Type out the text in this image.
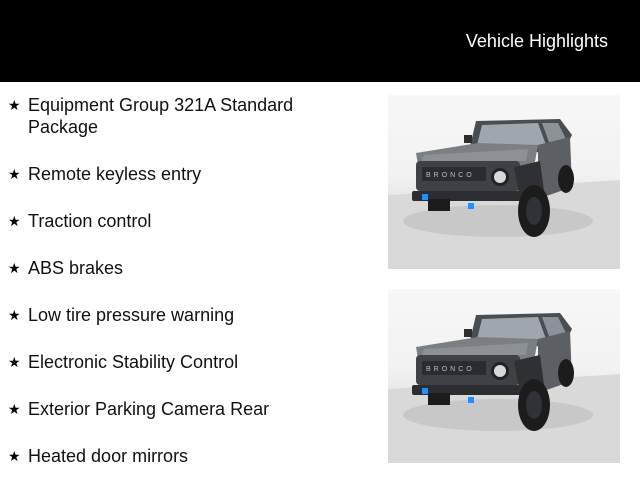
Vehicle Highlights
★ Equipment Group 321A Standard Package
★ Remote keyless entry
★ Traction control
★ ABS brakes
★ Low tire pressure warning
★ Electronic Stability Control
★ Exterior Parking Camera Rear
★ Heated door mirrors
BRONCO
BRONCO
